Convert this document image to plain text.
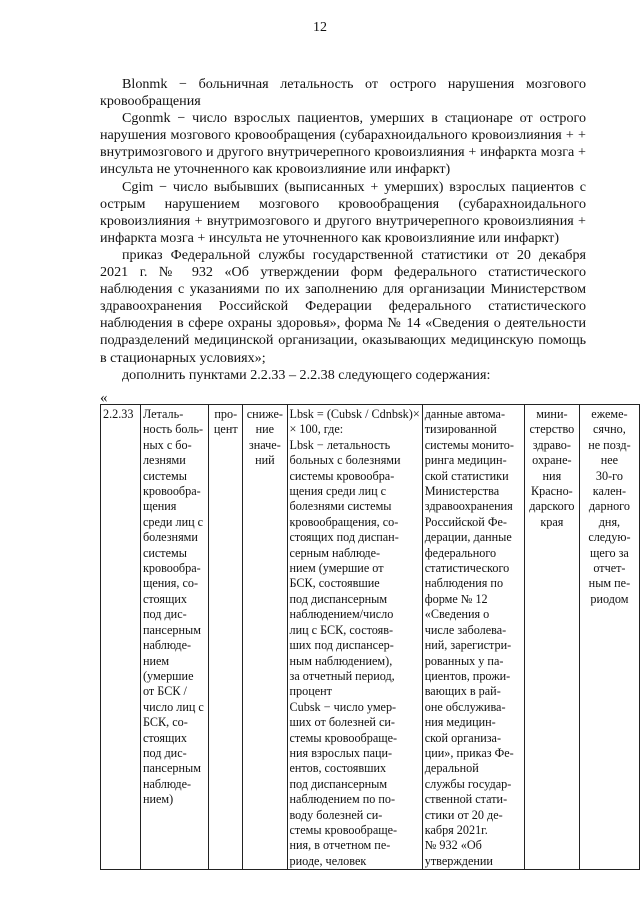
12

Blonmk − больничная летальность от острого нарушения мозгового кровообращения

Cgonmk − число взрослых пациентов, умерших в стационаре от острого нарушения мозгового кровообращения (субарахноидального кровоизлияния + + внутримозгового и другого внутричерепного кровоизлияния + инфаркта мозга + инсульта не уточненного как кровоизлияние или инфаркт)

Cgim − число выбывших (выписанных + умерших) взрослых пациентов с острым нарушением мозгового кровообращения (субарахноидального кровоизлияния + внутримозгового и другого внутричерепного кровоизлияния + инфаркта мозга + инсульта не уточненного как кровоизлияние или инфаркт)

приказ Федеральной службы государственной статистики от 20 декабря 2021 г. № 932 «Об утверждении форм федерального статистического наблюдения с указаниями по их заполнению для организации Министерством здравоохранения Российской Федерации федерального статистического наблюдения в сфере охраны здоровья», форма № 14 «Сведения о деятельности подразделений медицинской организации, оказывающих медицинскую помощь в стационарных условиях»;

дополнить пунктами 2.2.33 – 2.2.38 следующего содержания:

«
2.2.33	Леталь-
ность боль-
ных с бо-
лезнями
системы
кровообра-
щения
среди лиц с
болезнями
системы
кровообра-
щения, со-
стоящих
под дис-
пансерным
наблюде-
нием
(умершие
от БСК /
число лиц с
БСК, со-
стоящих
под дис-
пансерным
наблюде-
нием)

про-
цент

сниже-
ние
значе-
ний

Lbsk = (Cubsk / Cdnbsk)×
× 100, где:
Lbsk − летальность
больных с болезнями
системы кровообра-
щения среди лиц с
болезнями системы
кровообращения, со-
стоящих под диспан-
серным наблюде-
нием (умершие от
БСК, состоявшие
под диспансерным
наблюдением/число
лиц с БСК, состояв-
ших под диспансер-
ным наблюдением),
за отчетный период,
процент
Cubsk − число умер-
ших от болезней си-
стемы кровообраще-
ния взрослых паци-
ентов, состоявших
под диспансерным
наблюдением по по-
воду болезней си-
стемы кровообраще-
ния, в отчетном пе-
риоде, человек

данные автома-
тизированной
системы монито-
ринга медицин-
ской статистики
Министерства
здравоохранения
Российской Фе-
дерации, данные
федерального
статистического
наблюдения по
форме № 12
«Сведения о
числе заболева-
ний, зарегистри-
рованных у па-
циентов, прожи-
вающих в рай-
оне обслужива-
ния медицин-
ской организа-
ции», приказ Фе-
деральной
службы государ-
ственной стати-
стики от 20 де-
кабря 2021г.
№ 932 «Об
утверждении

мини-
стерство
здраво-
охране-
ния
Красно-
дарского
края

ежеме-
сячно,
не позд-
нее
30-го
кален-
дарного
дня,
следую-
щего за
отчет-
ным пе-
риодом
